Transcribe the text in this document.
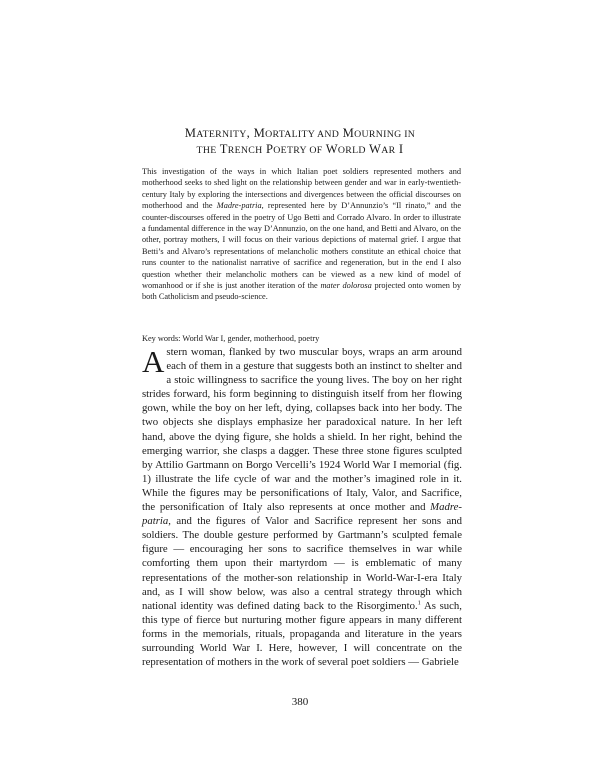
MATERNITY, MORTALITY AND MOURNING IN
THE TRENCH POETRY OF WORLD WAR I

This investigation of the ways in which Italian poet soldiers represented mothers and motherhood seeks to shed light on the relationship between gender and war in early-twentieth-century Italy by exploring the intersections and divergences between the official discourses on motherhood and the Madre-patria, represented here by D’Annunzio’s “Il rinato,” and the counter-discourses offered in the poetry of Ugo Betti and Corrado Alvaro. In order to illustrate a fundamental difference in the way D’Annunzio, on the one hand, and Betti and Alvaro, on the other, portray mothers, I will focus on their various depictions of maternal grief. I argue that Betti’s and Alvaro’s representations of melancholic mothers constitute an ethical choice that runs counter to the nationalist narrative of sacrifice and regeneration, but in the end I also question whether their melancholic mothers can be viewed as a new kind of model of womanhood or if she is just another iteration of the mater dolorosa projected onto women by both Catholicism and pseudo-science.

Key words: World War I, gender, motherhood, poetry

A stern woman, flanked by two muscular boys, wraps an arm around each of them in a gesture that suggests both an instinct to shelter and a stoic willingness to sacrifice the young lives. The boy on her right strides forward, his form beginning to distinguish itself from her flowing gown, while the boy on her left, dying, collapses back into her body. The two objects she displays emphasize her paradoxical nature. In her left hand, above the dying figure, she holds a shield. In her right, behind the emerging warrior, she clasps a dagger. These three stone figures sculpted by Attilio Gartmann on Borgo Vercelli’s 1924 World War I memorial (fig. 1) illustrate the life cycle of war and the mother’s imagined role in it. While the figures may be personifications of Italy, Valor, and Sacrifice, the personification of Italy also represents at once mother and Madre-patria, and the figures of Valor and Sacrifice represent her sons and soldiers. The double gesture performed by Gartmann’s sculpted female figure — encouraging her sons to sacrifice themselves in war while comforting them upon their martyrdom — is emblematic of many representations of the mother-son relationship in World-War-I-era Italy and, as I will show below, was also a central strategy through which national identity was defined dating back to the Risorgimento.$^1$ As such, this type of fierce but nurturing mother figure appears in many different forms in the memorials, rituals, propaganda and literature in the years surrounding World War I. Here, however, I will concentrate on the representation of mothers in the work of several poet soldiers — Gabriele

380
